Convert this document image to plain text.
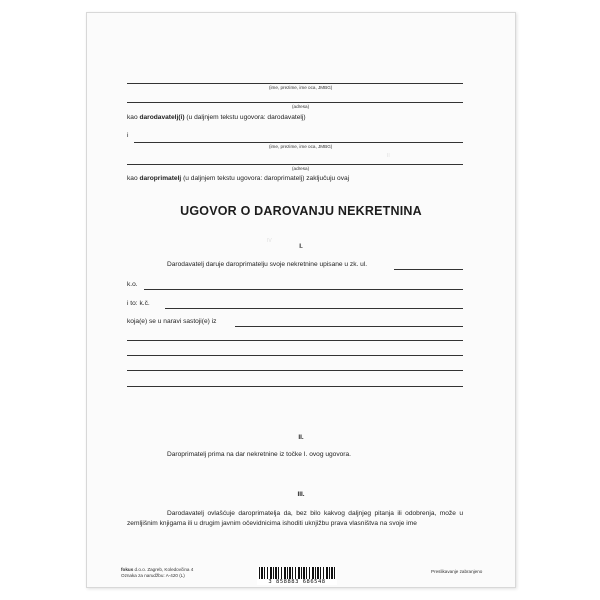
II
IV
(ime, prezime, ime oca, JMBG)
(adresa)
kao darodavatelj(i) (u daljnjem tekstu ugovora: darodavatelj)
i
(ime, prezime, ime oca, JMBG)
(adresa)
kao daroprimatelj (u daljnjem tekstu ugovora: daroprimatelj) zaključuju ovaj
UGOVOR O DAROVANJU NEKRETNINA
I.
Darodavatelj daruje daroprimatelju svoje nekretnine upisane u zk. ul.
k.o.
i to: k.č.
koja(e) se u naravi sastoji(e) iz
II.
Daroprimatelj prima na dar nekretnine iz točke I. ovog ugovora.
III.
Darodavatelj ovlašćuje daroprimatelja da, bez bilo kakvog daljnjeg pitanja ili odobrenja, može u zemljišnim knjigama ili u drugim javnim očevidnicima ishoditi uknjižbu prava vlasništva na svoje ime
fokus d.o.o. Zagreb, Koledovčina 4
Oznaka za narudžbu: A-420 (L)
Preslikavanje zabranjeno
3 858883 686548
